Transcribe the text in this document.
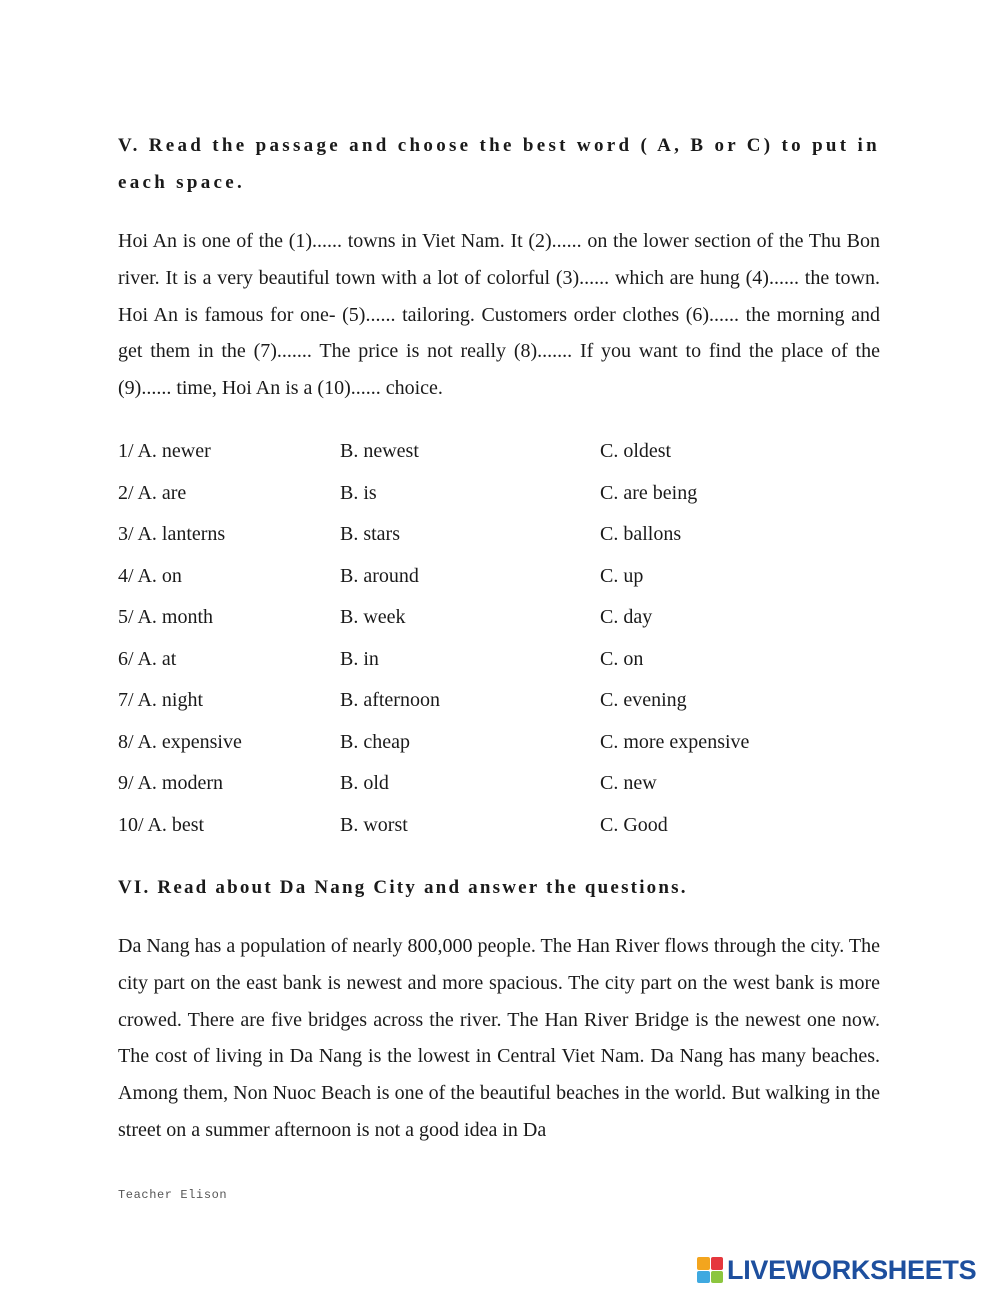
V. Read the passage and choose the best word ( A, B or C) to put in each space.

Hoi An is one of the (1)...... towns in Viet Nam. It (2)...... on the lower section of the Thu Bon river. It is a very beautiful town with a lot of colorful (3)...... which are hung (4)...... the town. Hoi An is famous for one- (5)...... tailoring. Customers order clothes (6)...... the morning and get them in the (7)....... The price is not really (8)....... If you want to find the place of the (9)...... time, Hoi An is a (10)...... choice.

1/ A. newer	B. newest	C. oldest
2/ A. are	B. is	C. are being
3/ A. lanterns	B. stars	C. ballons
4/ A. on	B. around	C. up
5/ A. month	B. week	C. day
6/ A. at	B. in	C. on
7/ A. night	B. afternoon	C. evening
8/ A. expensive	B. cheap	C. more expensive
9/ A. modern	B. old	C. new
10/ A. best	B. worst	C. Good
VI. Read about Da Nang City and answer the questions.

Da Nang has a population of nearly 800,000 people. The Han River flows through the city. The city part on the east bank is newest and more spacious. The city part on the west bank is more crowed. There are five bridges across the river. The Han River Bridge is the newest one now. The cost of living in Da Nang is the lowest in Central Viet Nam. Da Nang has many beaches. Among them, Non Nuoc Beach is one of the beautiful beaches in the world. But walking in the street on a summer afternoon is not a good idea in Da

Teacher Elison
LIVEWORKSHEETS
